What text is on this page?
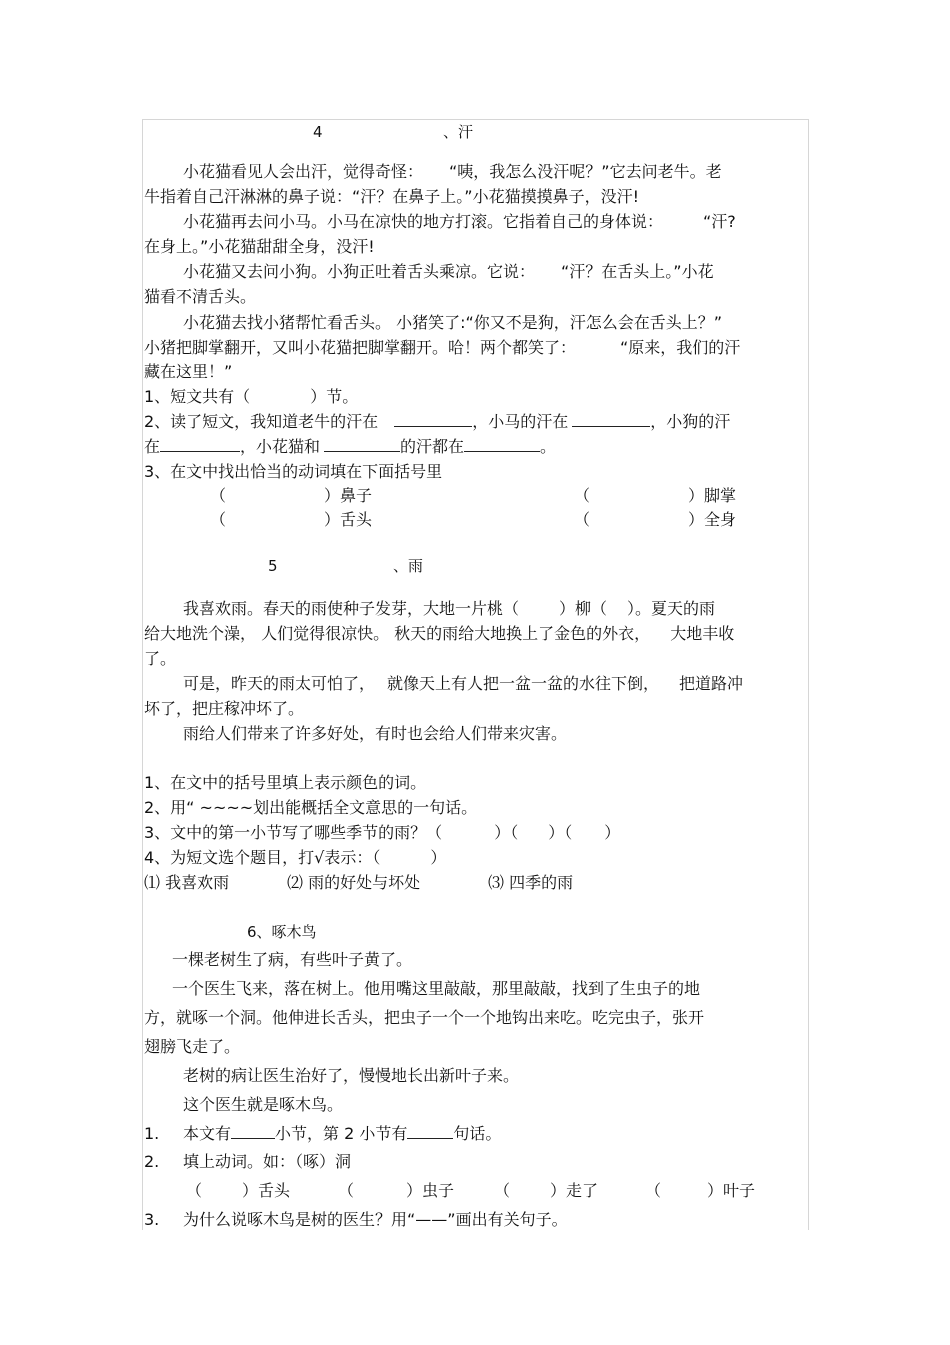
4	、汗
小花猫看见人会出汗，觉得奇怪： “咦，我怎么没汗呢？”它去问老牛。老
牛指着自己汗淋淋的鼻子说：“汗？在鼻子上。”小花猫摸摸鼻子，没汗!
小花猫再去问小马。小马在凉快的地方打滚。它指着自己的身体说：	“汗?
在身上。”小花猫甜甜全身，没汗!
小花猫又去问小狗。小狗正吐着舌头乘凉。它说： “汗？在舌头上。”小花
猫看不清舌头。
小花猫去找小猪帮忙看舌头。 小猪笑了:“你又不是狗，汗怎么会在舌头上？”
小猪把脚掌翻开，又叫小花猫把脚掌翻开。哈！两个都笑了：	“原来，我们的汗
藏在这里！”
1、短文共有（	）节。
2、读了短文，我知道老牛的汗在	，小马的汗在	，小狗的汗
在	，小花猫和	的汗都在	。
3、在文中找出恰当的动词填在下面括号里
（	）鼻子	（	）脚掌
（	）舌头	（	）全身
5	、雨
我喜欢雨。春天的雨使种子发芽，大地一片桃（	）柳（ ）。夏天的雨
给大地洗个澡， 人们觉得很凉快。 秋天的雨给大地换上了金色的外衣， 大地丰收
了。
可是，昨天的雨太可怕了， 就像天上有人把一盆一盆的水往下倒， 把道路冲
坏了，把庄稼冲坏了。
雨给人们带来了许多好处，有时也会给人们带来灾害。
1、在文中的括号里填上表示颜色的词。
2、用“ ~~~~划出能概括全文意思的一句话。
3、文中的第一小节写了哪些季节的雨？（	）（ ）（ ）
4、为短文选个题目，打√表示：（	）
⑴ 我喜欢雨	⑵ 雨的好处与坏处	⑶ 四季的雨
6、啄木鸟
一棵老树生了病，有些叶子黄了。
一个医生飞来，落在树上。他用嘴这里敲敲，那里敲敲，找到了生虫子的地
方，就啄一个洞。他伸进长舌头，把虫子一个一个地钩出来吃。吃完虫子，张开
翅膀飞走了。
老树的病让医生治好了，慢慢地长出新叶子来。
这个医生就是啄木鸟。
1. 本文有	小节，第 2 小节有	句话。
2. 填上动词。如：（啄）洞
（	）舌头	（	）虫子 （	）走了	（	）叶子
3. 为什么说啄木鸟是树的医生？用“——”画出有关句子。
